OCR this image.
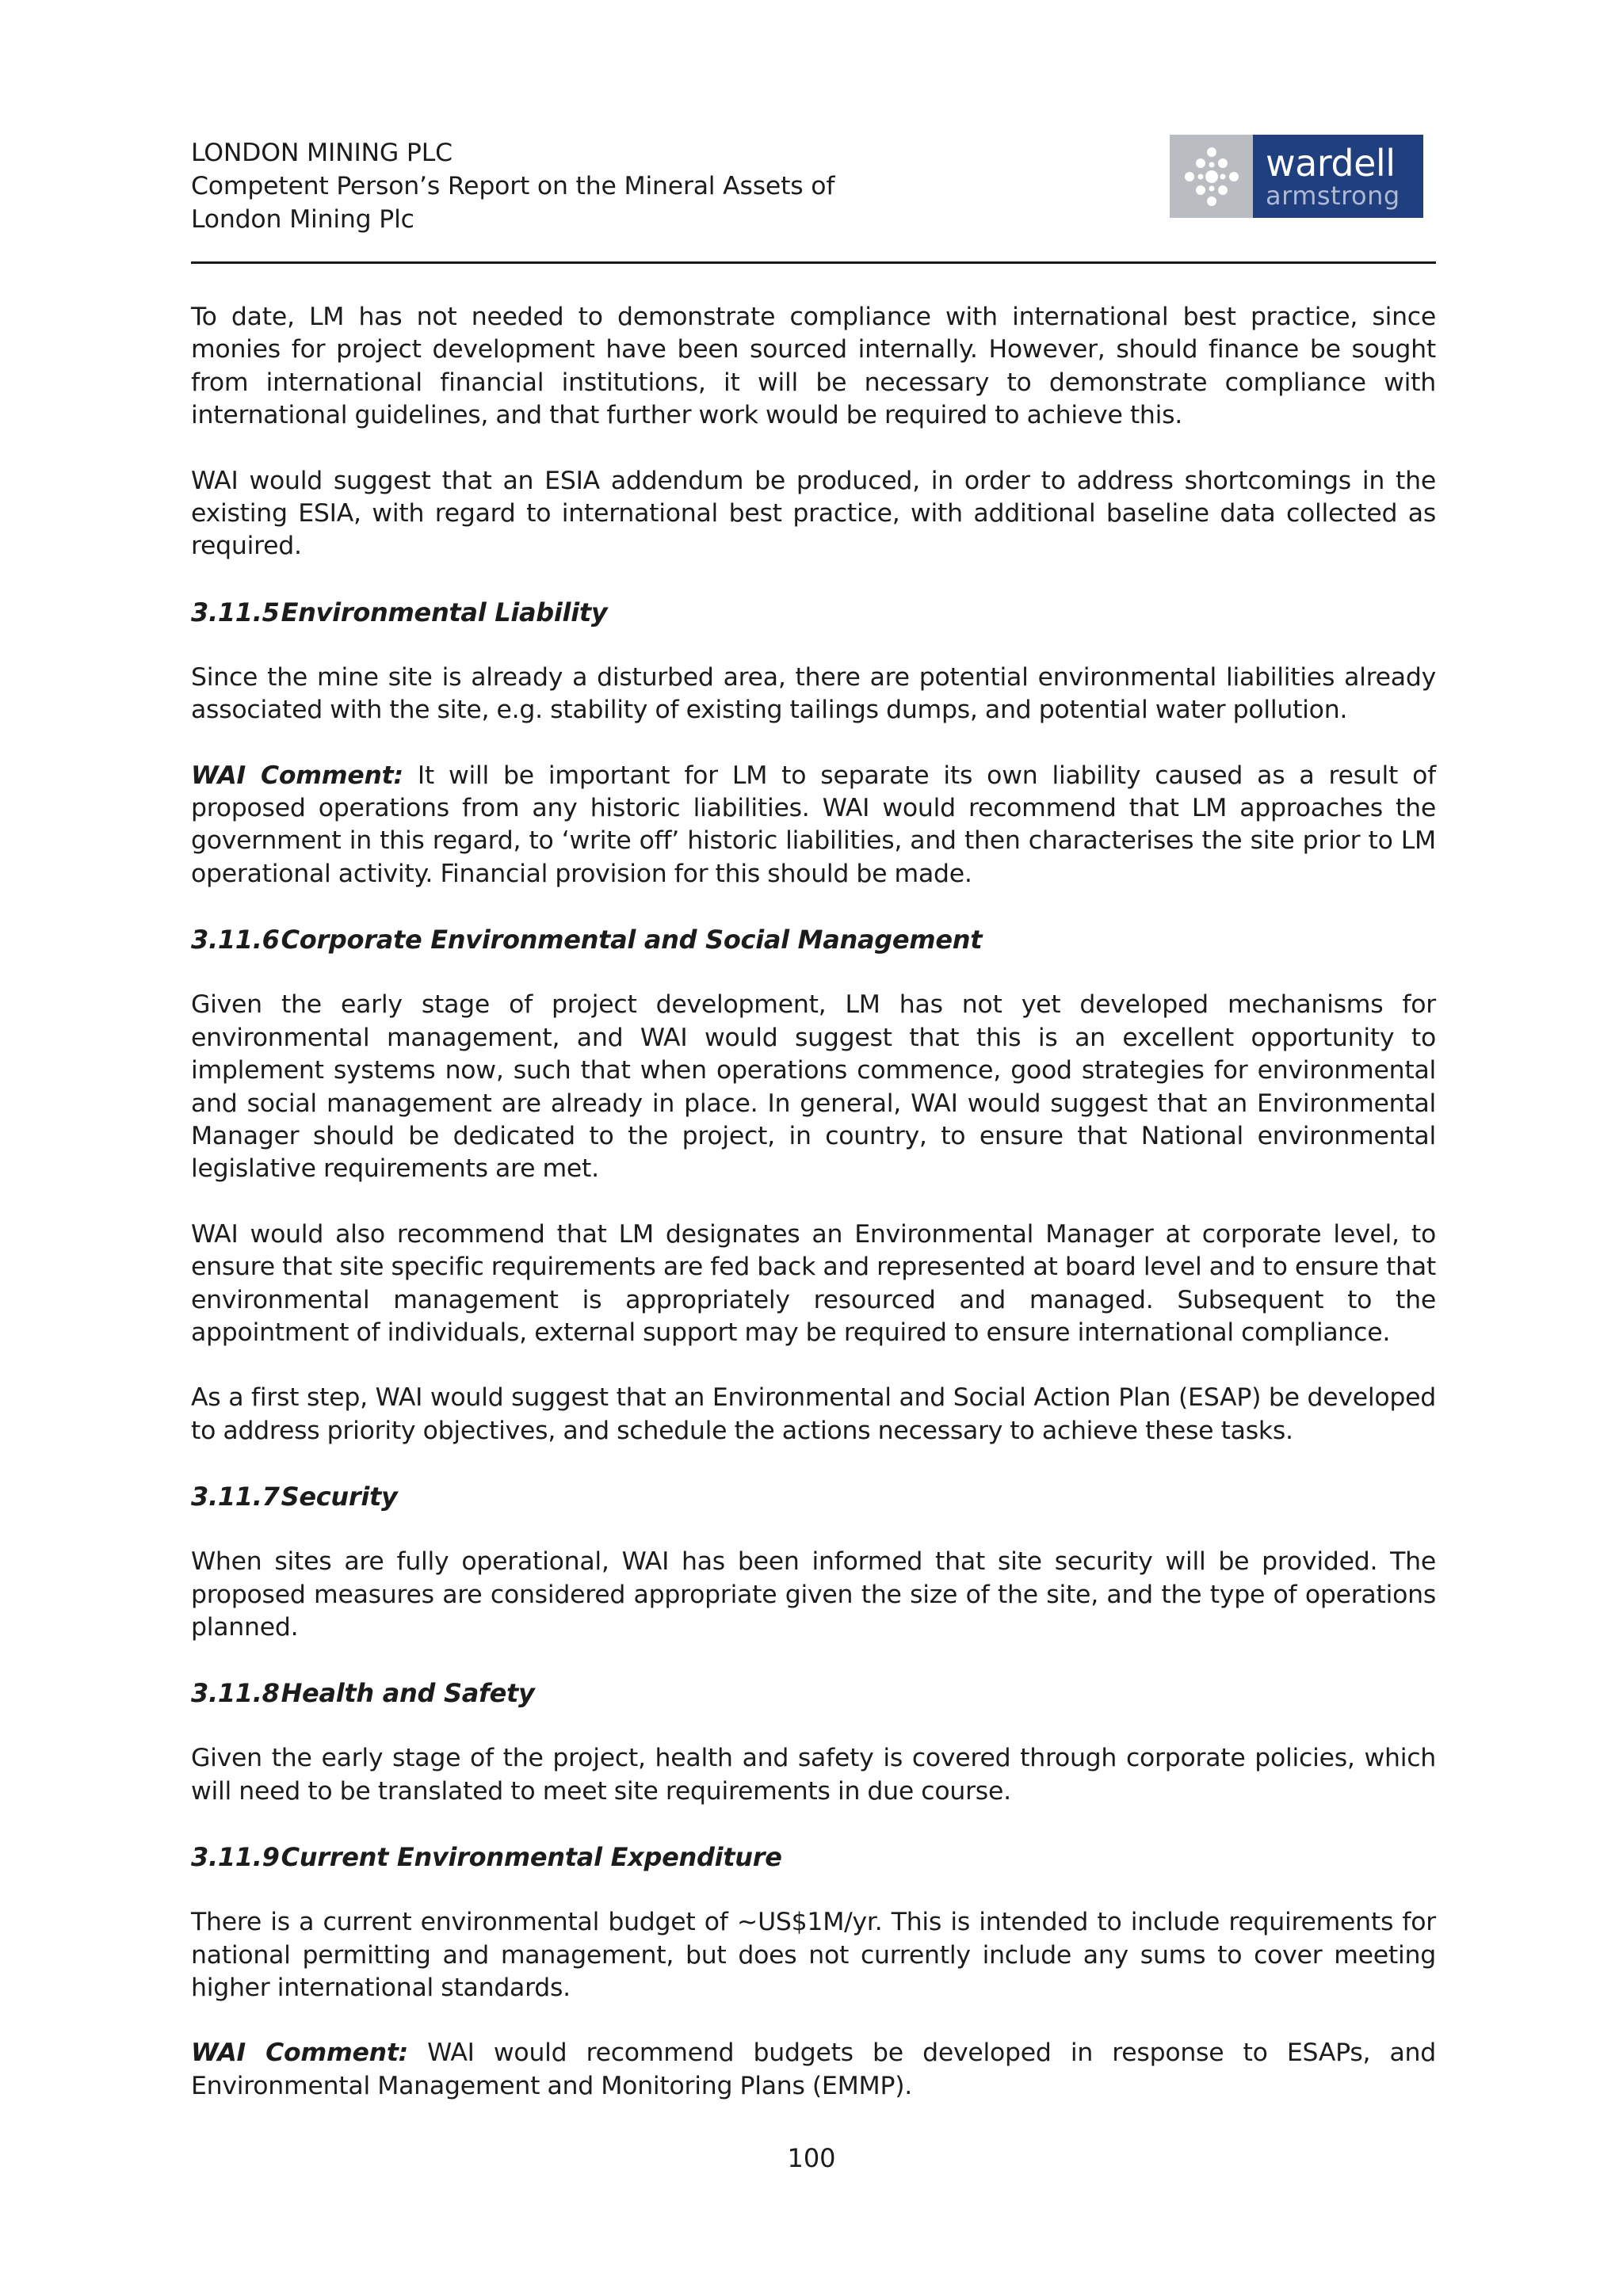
LONDON MINING PLC
Competent Person’s Report on the Mineral Assets of
London Mining Plc
wardell
armstrong

To date, LM has not needed to demonstrate compliance with international best practice, since monies for project development have been sourced internally. However, should finance be sought from international financial institutions, it will be necessary to demonstrate compliance with international guidelines, and that further work would be required to achieve this.

WAI would suggest that an ESIA addendum be produced, in order to address shortcomings in the existing ESIA, with regard to international best practice, with additional baseline data collected as required.

3.11.5Environmental Liability

Since the mine site is already a disturbed area, there are potential environmental liabilities already associated with the site, e.g. stability of existing tailings dumps, and potential water pollution.

WAI Comment: It will be important for LM to separate its own liability caused as a result of proposed operations from any historic liabilities. WAI would recommend that LM approaches the government in this regard, to ‘write off’ historic liabilities, and then characterises the site prior to LM operational activity. Financial provision for this should be made.

3.11.6Corporate Environmental and Social Management

Given the early stage of project development, LM has not yet developed mechanisms for environmental management, and WAI would suggest that this is an excellent opportunity to implement systems now, such that when operations commence, good strategies for environmental and social management are already in place. In general, WAI would suggest that an Environmental Manager should be dedicated to the project, in country, to ensure that National environmental legislative requirements are met.

WAI would also recommend that LM designates an Environmental Manager at corporate level, to ensure that site specific requirements are fed back and represented at board level and to ensure that environmental management is appropriately resourced and managed. Subsequent to the appointment of individuals, external support may be required to ensure international compliance.

As a first step, WAI would suggest that an Environmental and Social Action Plan (ESAP) be developed to address priority objectives, and schedule the actions necessary to achieve these tasks.

3.11.7Security

When sites are fully operational, WAI has been informed that site security will be provided. The proposed measures are considered appropriate given the size of the site, and the type of operations planned.

3.11.8Health and Safety

Given the early stage of the project, health and safety is covered through corporate policies, which will need to be translated to meet site requirements in due course.

3.11.9Current Environmental Expenditure

There is a current environmental budget of ~US$1M/yr. This is intended to include requirements for national permitting and management, but does not currently include any sums to cover meeting higher international standards.

WAI Comment: WAI would recommend budgets be developed in response to ESAPs, and Environmental Management and Monitoring Plans (EMMP).

100
